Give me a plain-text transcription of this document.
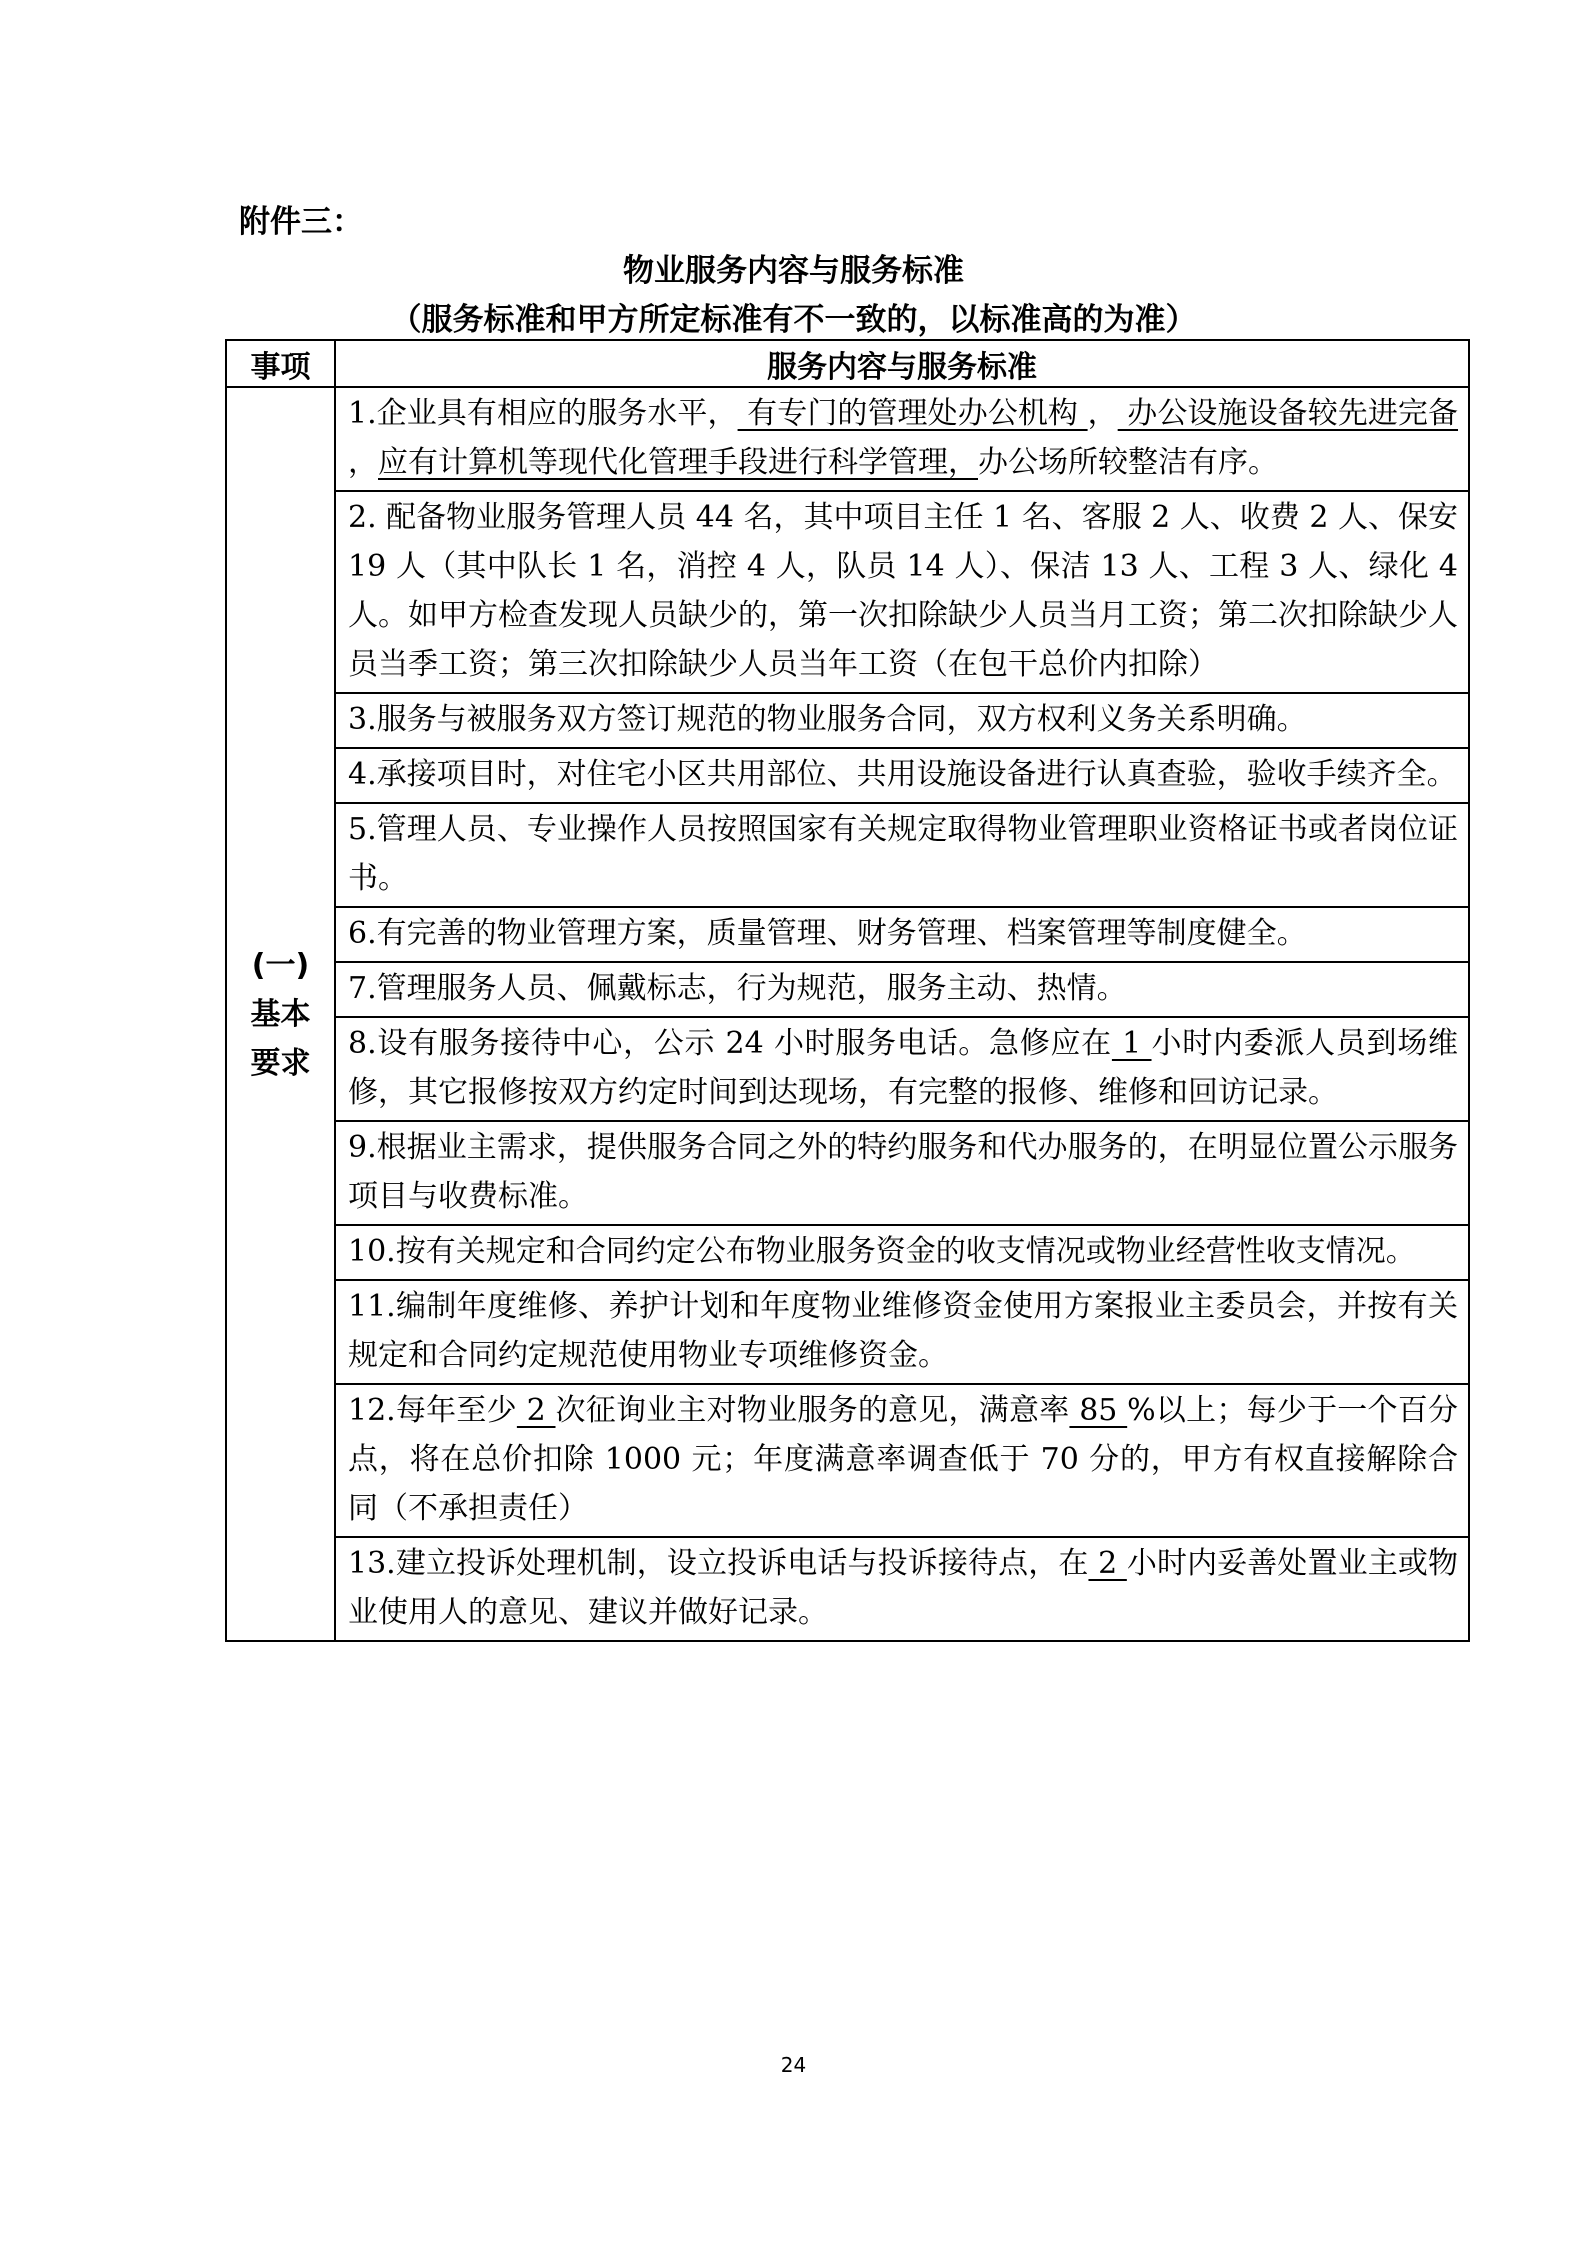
附件三：
物业服务内容与服务标准
（服务标准和甲方所定标准有不一致的，以标准高的为准）
事项	服务内容与服务标准

(一)
基本
要求	1.企业具有相应的服务水平， 有专门的管理处办公机构 ， 办公设施设备较先进完备 ，应有计算机等现代化管理手段进行科学管理，办公场所较整洁有序。
	2. 配备物业服务管理人员 44 名，其中项目主任 1 名、客服 2 人、收费 2 人、保安 19 人（其中队长 1 名，消控 4 人，队员 14 人）、保洁 13 人、工程 3 人、绿化 4 人。如甲方检查发现人员缺少的，第一次扣除缺少人员当月工资；第二次扣除缺少人员当季工资；第三次扣除缺少人员当年工资（在包干总价内扣除）
	3.服务与被服务双方签订规范的物业服务合同，双方权利义务关系明确。
	4.承接项目时，对住宅小区共用部位、共用设施设备进行认真查验，验收手续齐全。
	5.管理人员、专业操作人员按照国家有关规定取得物业管理职业资格证书或者岗位证书。
	6.有完善的物业管理方案，质量管理、财务管理、档案管理等制度健全。
	7.管理服务人员、佩戴标志，行为规范，服务主动、热情。
	8.设有服务接待中心，公示 24 小时服务电话。急修应在 1 小时内委派人员到场维修，其它报修按双方约定时间到达现场，有完整的报修、维修和回访记录。
	9.根据业主需求，提供服务合同之外的特约服务和代办服务的，在明显位置公示服务项目与收费标准。
	10.按有关规定和合同约定公布物业服务资金的收支情况或物业经营性收支情况。
	11.编制年度维修、养护计划和年度物业维修资金使用方案报业主委员会，并按有关规定和合同约定规范使用物业专项维修资金。
	12.每年至少 2 次征询业主对物业服务的意见，满意率 85 %以上；每少于一个百分点，将在总价扣除 1000 元；年度满意率调查低于 70 分的，甲方有权直接解除合同（不承担责任）
	13.建立投诉处理机制，设立投诉电话与投诉接待点，在 2 小时内妥善处置业主或物业使用人的意见、建议并做好记录。
24
